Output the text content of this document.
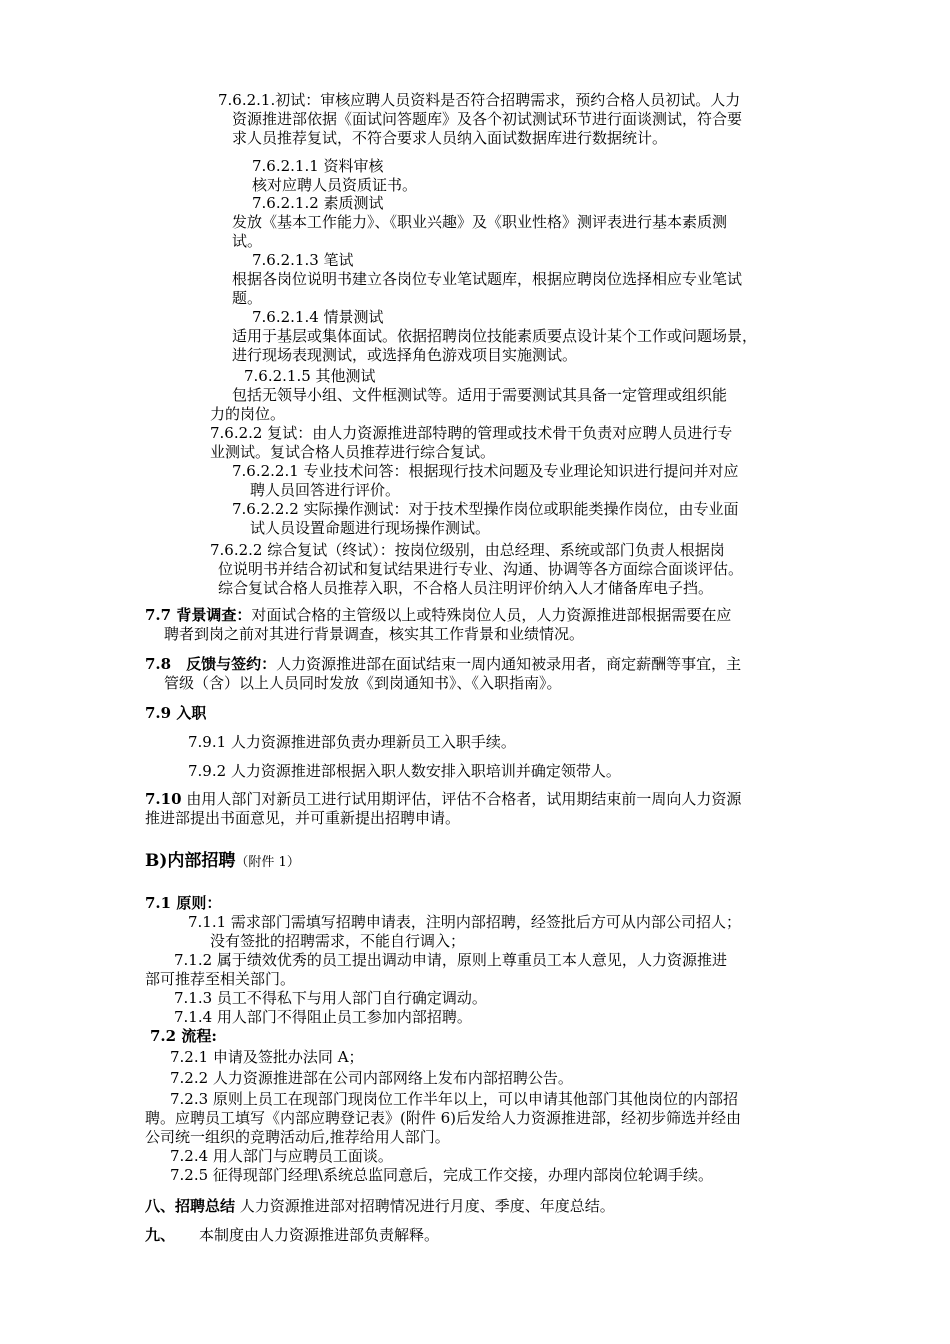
7.6.2.1.初试：审核应聘人员资料是否符合招聘需求，预约合格人员初试。人力
资源推进部依据《面试问答题库》及各个初试测试环节进行面谈测试，符合要
求人员推荐复试，不符合要求人员纳入面试数据库进行数据统计。
7.6.2.1.1 资料审核
核对应聘人员资质证书。
7.6.2.1.2 素质测试
发放《基本工作能力》、《职业兴趣》及《职业性格》测评表进行基本素质测
试。
7.6.2.1.3 笔试
根据各岗位说明书建立各岗位专业笔试题库，根据应聘岗位选择相应专业笔试
题。
7.6.2.1.4 情景测试
适用于基层或集体面试。依据招聘岗位技能素质要点设计某个工作或问题场景，
进行现场表现测试，或选择角色游戏项目实施测试。
7.6.2.1.5 其他测试
包括无领导小组、文件框测试等。适用于需要测试其具备一定管理或组织能
力的岗位。
7.6.2.2 复试：由人力资源推进部特聘的管理或技术骨干负责对应聘人员进行专
业测试。复试合格人员推荐进行综合复试。
7.6.2.2.1 专业技术问答：根据现行技术问题及专业理论知识进行提问并对应
聘人员回答进行评价。
7.6.2.2.2 实际操作测试：对于技术型操作岗位或职能类操作岗位，由专业面
试人员设置命题进行现场操作测试。
7.6.2.2 综合复试（终试）：按岗位级别，由总经理、系统或部门负责人根据岗
位说明书并结合初试和复试结果进行专业、沟通、协调等各方面综合面谈评估。
综合复试合格人员推荐入职，不合格人员注明评价纳入人才储备库电子挡。
7.7 背景调查：对面试合格的主管级以上或特殊岗位人员，人力资源推进部根据需要在应
聘者到岗之前对其进行背景调查，核实其工作背景和业绩情况。
7.8　反馈与签约：人力资源推进部在面试结束一周内通知被录用者，商定薪酬等事宜，主
管级（含）以上人员同时发放《到岗通知书》、《入职指南》。
7.9 入职
7.9.1 人力资源推进部负责办理新员工入职手续。
7.9.2 人力资源推进部根据入职人数安排入职培训并确定领带人。
7.10 由用人部门对新员工进行试用期评估，评估不合格者，试用期结束前一周向人力资源
推进部提出书面意见，并可重新提出招聘申请。
B)内部招聘（附件 1）
7.1 原则：
7.1.1 需求部门需填写招聘申请表，注明内部招聘，经签批后方可从内部公司招人；
没有签批的招聘需求，不能自行调入；
7.1.2 属于绩效优秀的员工提出调动申请，原则上尊重员工本人意见，人力资源推进
部可推荐至相关部门。
7.1.3 员工不得私下与用人部门自行确定调动。
7.1.4 用人部门不得阻止员工参加内部招聘。
7.2 流程:
7.2.1 申请及签批办法同 A；
7.2.2 人力资源推进部在公司内部网络上发布内部招聘公告。
7.2.3 原则上员工在现部门现岗位工作半年以上，可以申请其他部门其他岗位的内部招
聘。应聘员工填写《内部应聘登记表》(附件 6)后发给人力资源推进部，经初步筛选并经由
公司统一组织的竞聘活动后,推荐给用人部门。
7.2.4 用人部门与应聘员工面谈。
7.2.5 征得现部门经理\系统总监同意后，完成工作交接，办理内部岗位轮调手续。
八、招聘总结 人力资源推进部对招聘情况进行月度、季度、年度总结。
九、 本制度由人力资源推进部负责解释。
